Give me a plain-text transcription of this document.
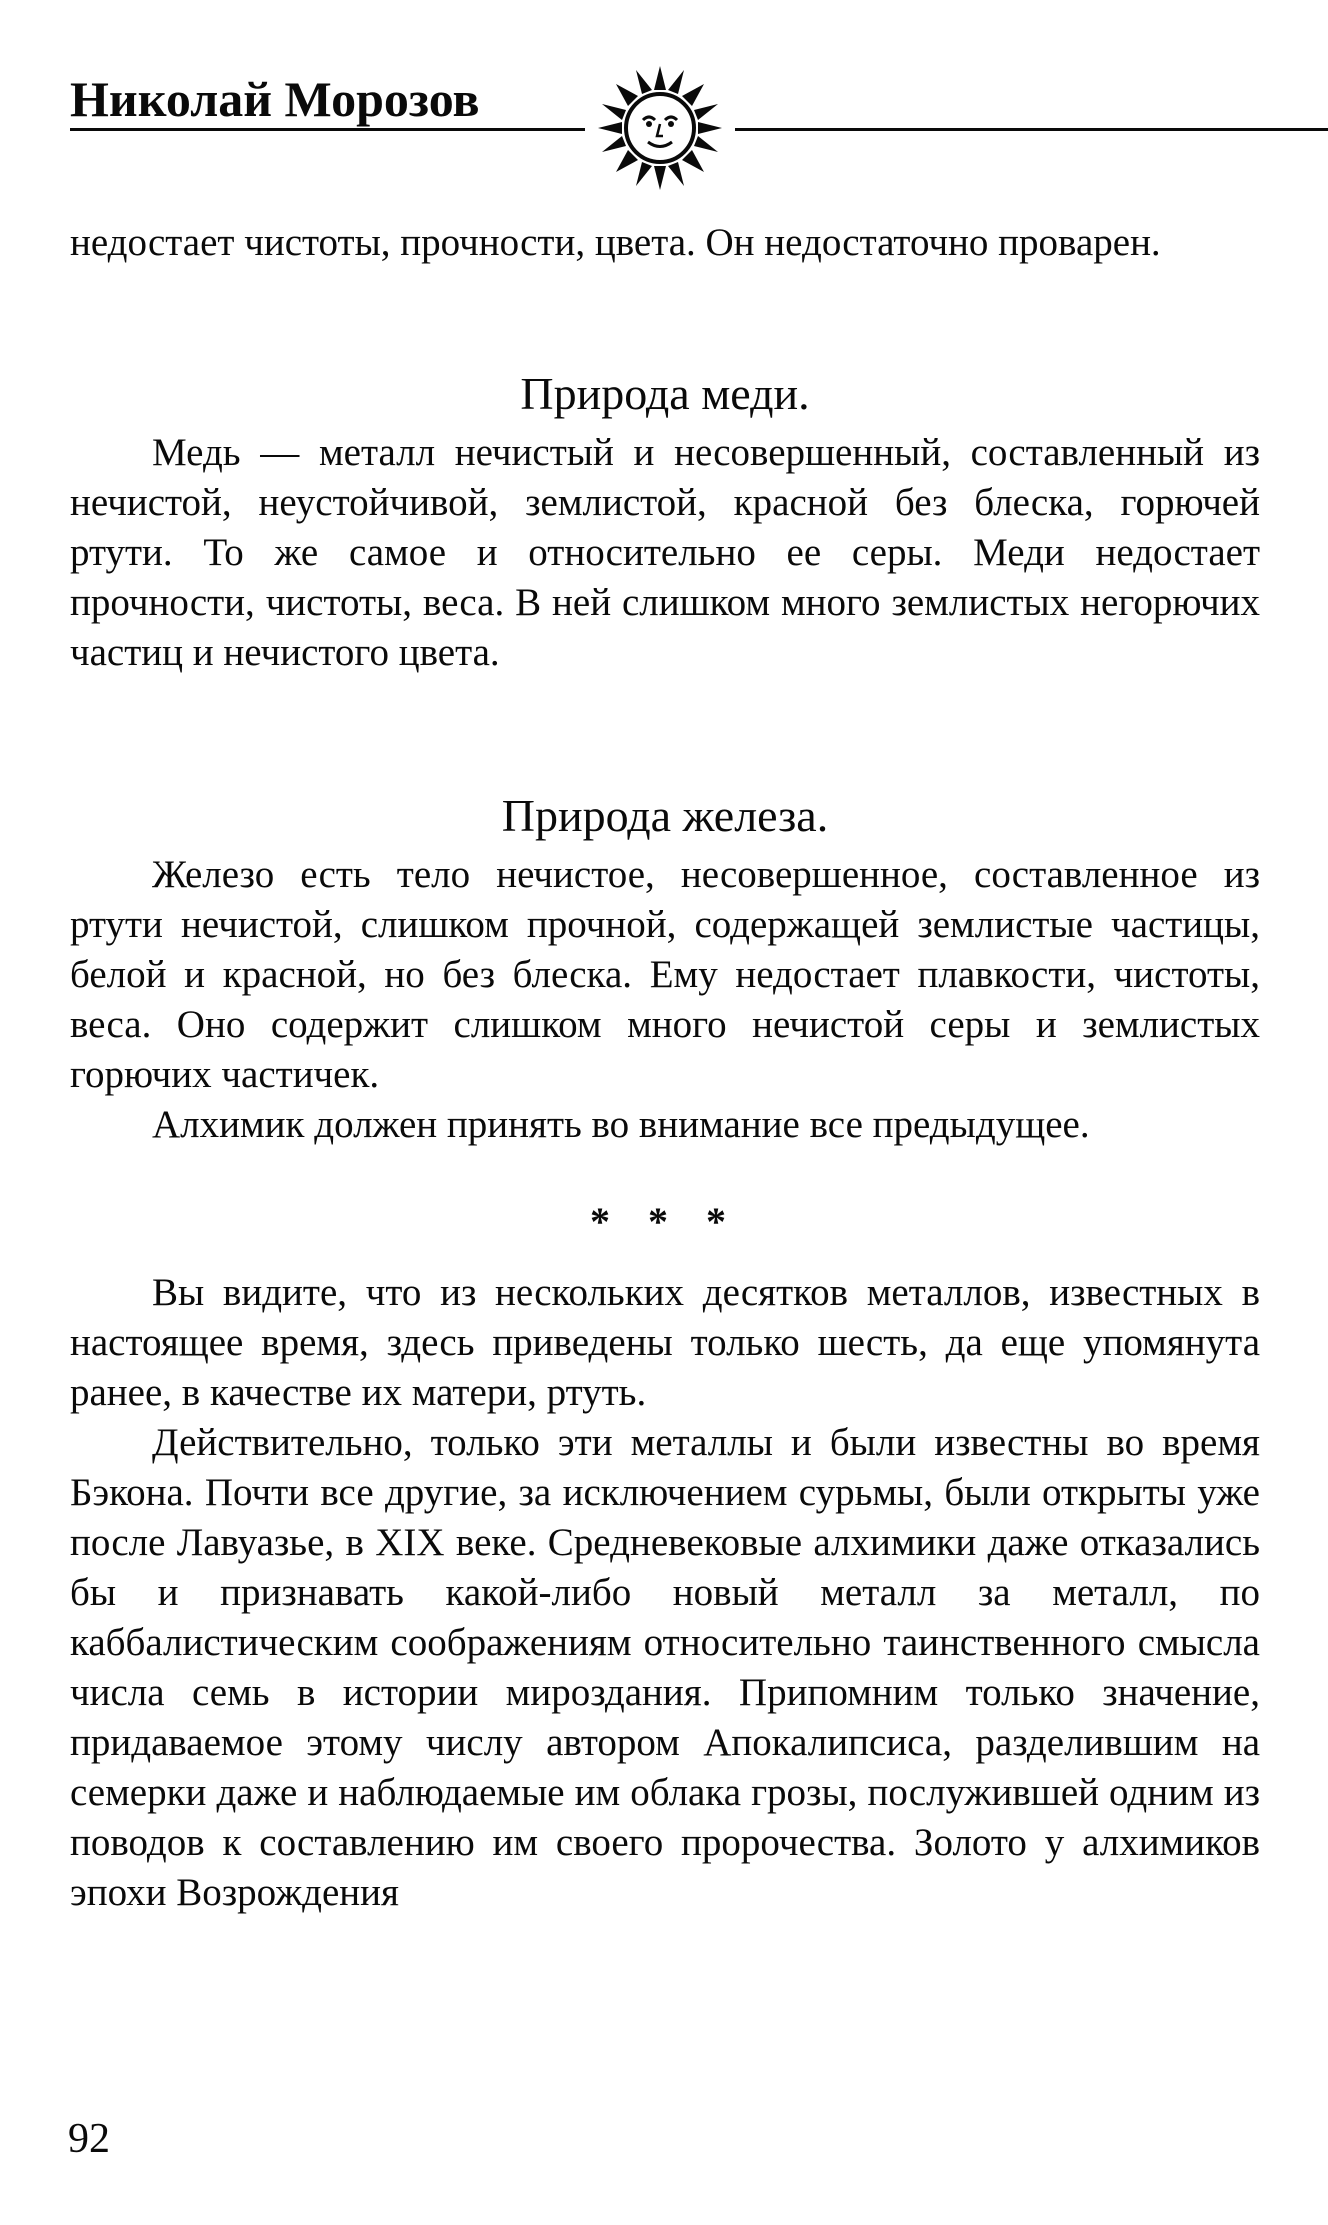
Николай Морозов

недостает чистоты, прочности, цвета. Он недостаточно проварен.

Природа меди.

Медь — металл нечистый и несовершенный, составленный из нечистой, неустойчивой, землистой, красной без блеска, горючей ртути. То же самое и относительно ее серы. Меди недостает прочности, чистоты, веса. В ней слишком много землистых негорючих частиц и нечистого цвета.

Природа железа.

Железо есть тело нечистое, несовершенное, составленное из ртути нечистой, слишком прочной, содержащей землистые частицы, белой и красной, но без блеска. Ему недостает плавкости, чистоты, веса. Оно содержит слишком много нечистой серы и землистых горючих частичек.

Алхимик должен принять во внимание все предыдущее.

* * *

Вы видите, что из нескольких десятков металлов, известных в настоящее время, здесь приведены только шесть, да еще упомянута ранее, в качестве их матери, ртуть.

Действительно, только эти металлы и были известны во время Бэкона. Почти все другие, за исключением сурьмы, были открыты уже после Лавуазье, в XIX веке. Средневековые алхимики даже отказались бы и признавать какой-либо новый металл за металл, по каббалистическим соображениям относительно таинственного смысла числа семь в истории мироздания. Припомним только значение, придаваемое этому числу автором Апокалипсиса, разделившим на семерки даже и наблюдаемые им облака грозы, послужившей одним из поводов к составлению им своего пророчества. Золото у алхимиков эпохи Возрождения

92
